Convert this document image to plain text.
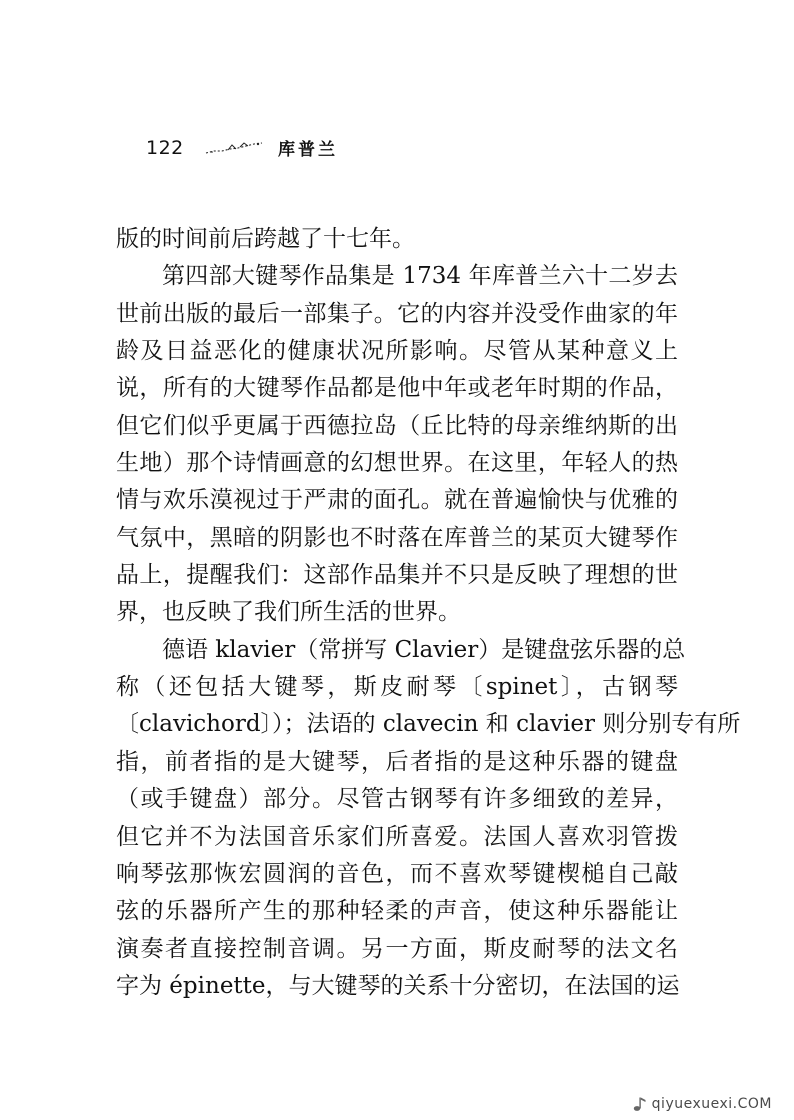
122	库普兰
版的时间前后跨越了十七年。
第四部大键琴作品集是 1734 年库普兰六十二岁去
世前出版的最后一部集子。它的内容并没受作曲家的年
龄及日益恶化的健康状况所影响。尽管从某种意义上
说，所有的大键琴作品都是他中年或老年时期的作品，
但它们似乎更属于西德拉岛（丘比特的母亲维纳斯的出
生地）那个诗情画意的幻想世界。在这里，年轻人的热
情与欢乐漠视过于严肃的面孔。就在普遍愉快与优雅的
气氛中，黑暗的阴影也不时落在库普兰的某页大键琴作
品上，提醒我们：这部作品集并不只是反映了理想的世
界，也反映了我们所生活的世界。
德语 klavier（常拼写 Clavier）是键盘弦乐器的总
称（还包括大键琴，斯皮耐琴〔spinet〕，古钢琴
〔clavichord〕）；法语的 clavecin 和 clavier 则分别专有所
指，前者指的是大键琴，后者指的是这种乐器的键盘
（或手键盘）部分。尽管古钢琴有许多细致的差异，
但它并不为法国音乐家们所喜爱。法国人喜欢羽管拨
响琴弦那恢宏圆润的音色，而不喜欢琴键楔槌自己敲
弦的乐器所产生的那种轻柔的声音，使这种乐器能让
演奏者直接控制音调。另一方面，斯皮耐琴的法文名
字为 épinette，与大键琴的关系十分密切，在法国的运
qiyuexuexi.COM
